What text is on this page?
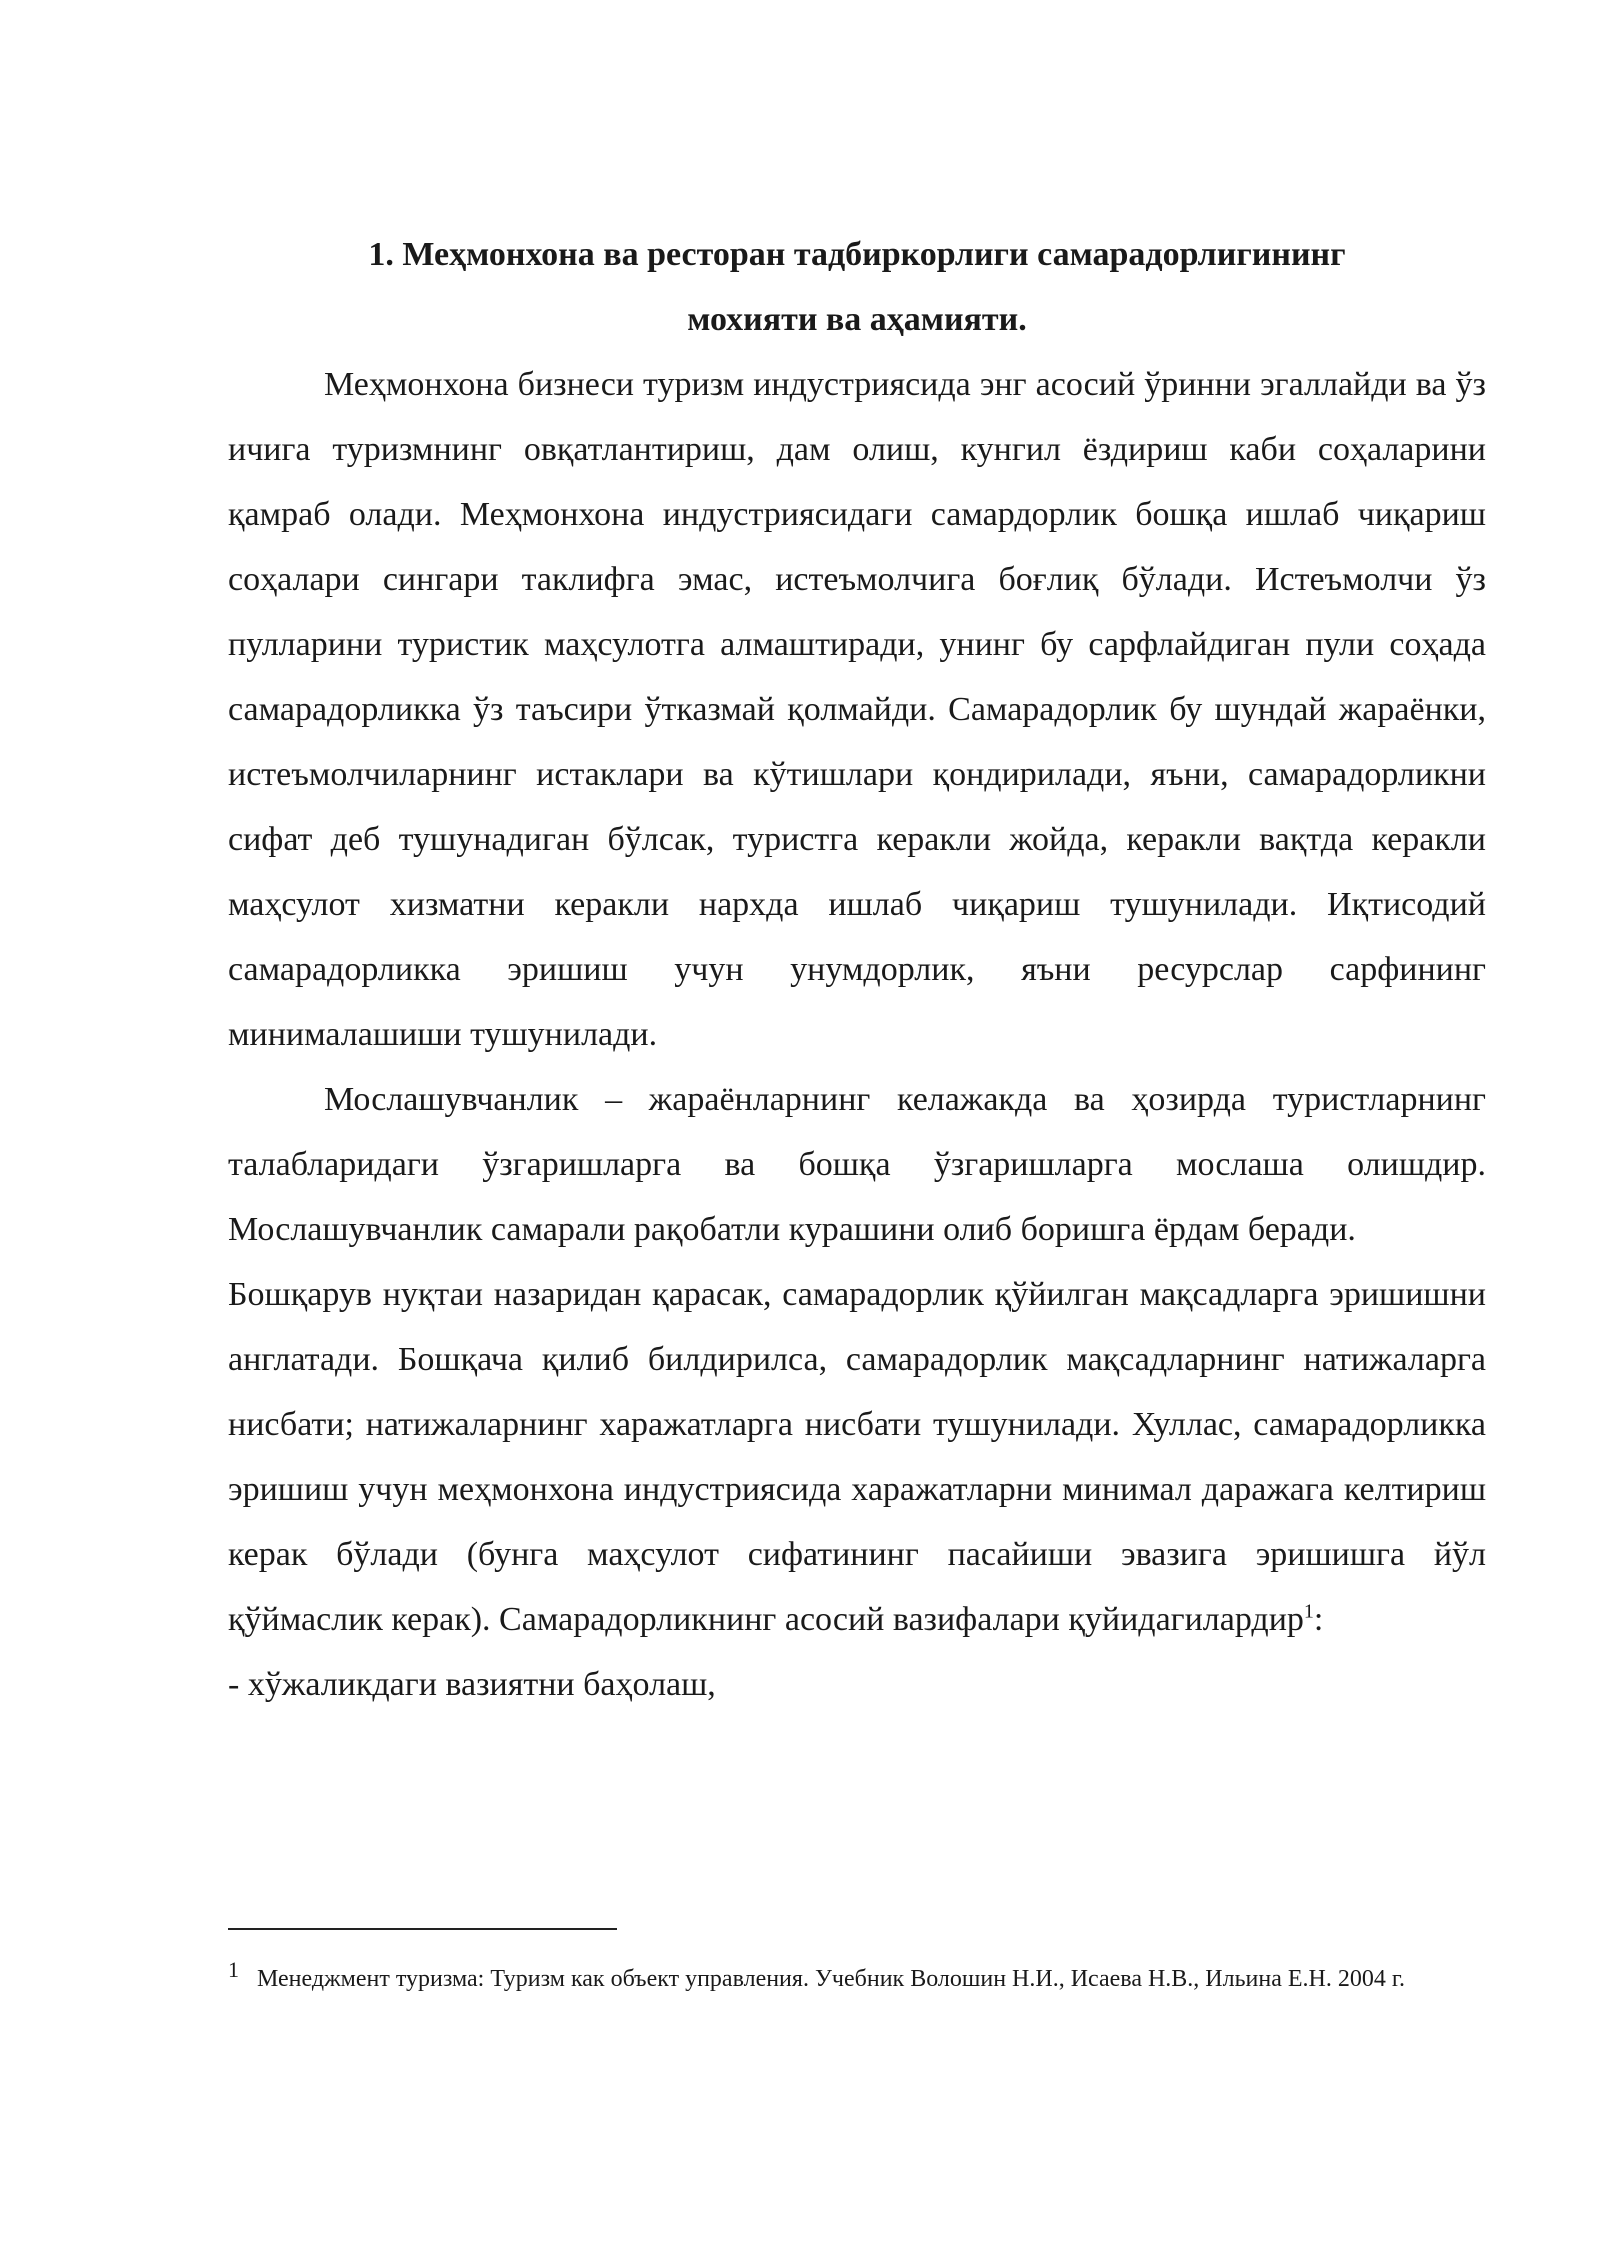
1. Меҳмонхона ва ресторан тадбиркорлиги самарадорлигининг

мохияти ва аҳамияти.

Меҳмонхона бизнеси туризм индустриясида энг асосий ўринни эгаллайди ва ўз ичига туризмнинг овқатлантириш, дам олиш, кунгил ёздириш каби соҳаларини қамраб олади. Меҳмонхона индустриясидаги самардорлик бошқа ишлаб чиқариш соҳалари сингари таклифга эмас, истеъмолчига боғлиқ бўлади. Истеъмолчи ўз пулларини туристик маҳсулотга алмаштиради, унинг бу сарфлайдиган пули соҳада самарадорликка ўз таъсири ўтказмай қолмайди. Самарадорлик бу шундай жараёнки, истеъмолчиларнинг истаклари ва кўтишлари қондирилади, яъни, самарадорликни сифат деб тушунадиган бўлсак, туристга керакли жойда, керакли вақтда керакли маҳсулот хизматни керакли нархда ишлаб чиқариш тушунилади. Иқтисодий самарадорликка эришиш учун унумдорлик, яъни ресурслар сарфининг минималашиши тушунилади.

Мослашувчанлик – жараёнларнинг келажакда ва ҳозирда туристларнинг талабларидаги ўзгаришларга ва бошқа ўзгаришларга мослаша олишдир. Мослашувчанлик самарали рақобатли курашини олиб боришга ёрдам беради.

Бошқарув нуқтаи назаридан қарасак, самарадорлик қўйилган мақсадларга эришишни англатади. Бошқача қилиб билдирилса, самарадорлик мақсадларнинг натижаларга нисбати; натижаларнинг харажатларга нисбати тушунилади. Хуллас, самарадорликка эришиш учун меҳмонхона индустриясида харажатларни минимал даражага келтириш керак бўлади (бунга маҳсулот сифатининг пасайиши эвазига эришишга йўл қўймаслик керак). Самарадорликнинг асосий вазифалари қуйидагилардир$^1$:

- хўжаликдаги вазиятни баҳолаш,

1 Менеджмент туризма: Туризм как объект управления. Учебник Волошин Н.И., Исаева Н.В., Ильина Е.Н. 2004 г.
